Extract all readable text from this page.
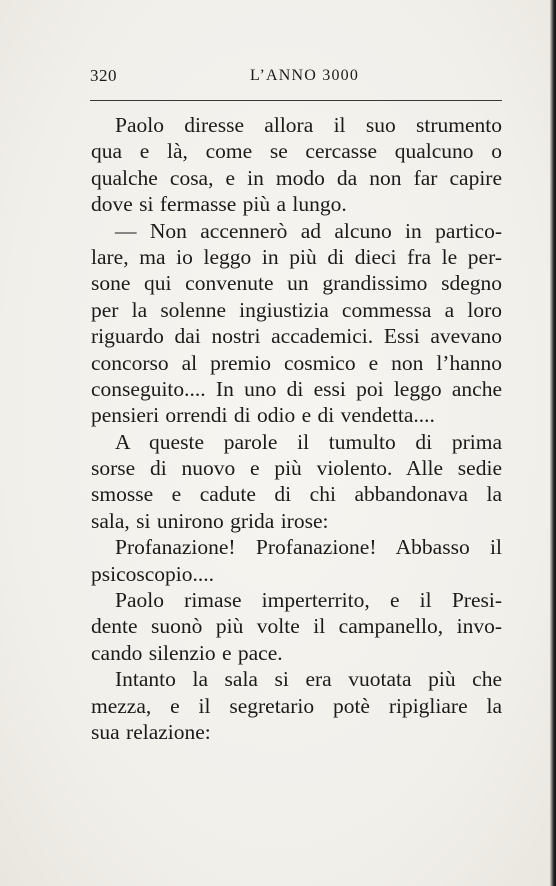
320	L’ANNO 3000
Paolo diresse allora il suo strumento
qua e là, come se cercasse qualcuno o
qualche cosa, e in modo da non far capire
dove si fermasse più a lungo.
— Non accennerò ad alcuno in partico-
lare, ma io leggo in più di dieci fra le per-
sone qui convenute un grandissimo sdegno
per la solenne ingiustizia commessa a loro
riguardo dai nostri accademici. Essi avevano
concorso al premio cosmico e non l’hanno
conseguito.... In uno di essi poi leggo anche
pensieri orrendi di odio e di vendetta....
A queste parole il tumulto di prima
sorse di nuovo e più violento. Alle sedie
smosse e cadute di chi abbandonava la
sala, si unirono grida irose:
Profanazione! Profanazione! Abbasso il
psicoscopio....
Paolo rimase imperterrito, e il Presi-
dente suonò più volte il campanello, invo-
cando silenzio e pace.
Intanto la sala si era vuotata più che
mezza, e il segretario potè ripigliare la
sua relazione:
